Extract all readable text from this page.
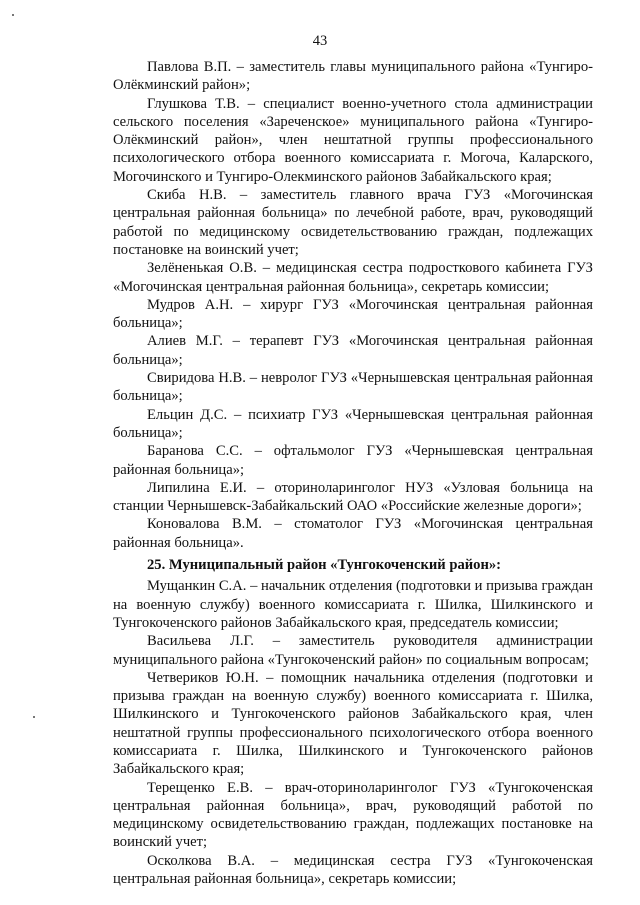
43

Павлова В.П. – заместитель главы муниципального района «Тунгиро-Олёкминский район»;

Глушкова Т.В. – специалист военно-учетного стола администрации сельского поселения «Зареченское» муниципального района «Тунгиро-Олёкминский район», член нештатной группы профессионального психологического отбора военного комиссариата г. Могоча, Каларского, Могочинского и Тунгиро-Олекминского районов Забайкальского края;

Скиба Н.В. – заместитель главного врача ГУЗ «Могочинская центральная районная больница» по лечебной работе, врач, руководящий работой по медицинскому освидетельствованию граждан, подлежащих постановке на воинский учет;

Зелёненькая О.В. – медицинская сестра подросткового кабинета ГУЗ «Могочинская центральная районная больница», секретарь комиссии;

Мудров А.Н. – хирург ГУЗ «Могочинская центральная районная больница»;

Алиев М.Г. – терапевт ГУЗ «Могочинская центральная районная больница»;

Свиридова Н.В. – невролог ГУЗ «Чернышевская центральная районная больница»;

Ельцин Д.С. – психиатр ГУЗ «Чернышевская центральная районная больница»;

Баранова С.С. – офтальмолог ГУЗ «Чернышевская центральная районная больница»;

Липилина Е.И. – оториноларинголог НУЗ «Узловая больница на станции Чернышевск-Забайкальский ОАО «Российские железные дороги»;

Коновалова В.М. – стоматолог ГУЗ «Могочинская центральная районная больница».

25. Муниципальный район «Тунгокоченский район»:

Мущанкин С.А. – начальник отделения (подготовки и призыва граждан на военную службу) военного комиссариата г. Шилка, Шилкинского и Тунгокоченского районов Забайкальского края, председатель комиссии;

Васильева Л.Г. – заместитель руководителя администрации муниципального района «Тунгокоченский район» по социальным вопросам;

Четвериков Ю.Н. – помощник начальника отделения (подготовки и призыва граждан на военную службу) военного комиссариата г. Шилка, Шилкинского и Тунгокоченского районов Забайкальского края, член нештатной группы профессионального психологического отбора военного комиссариата г. Шилка, Шилкинского и Тунгокоченского районов Забайкальского края;

Терещенко Е.В. – врач-оториноларинголог ГУЗ «Тунгокоченская центральная районная больница», врач, руководящий работой по медицинскому освидетельствованию граждан, подлежащих постановке на воинский учет;

Осколкова В.А. – медицинская сестра ГУЗ «Тунгокоченская центральная районная больница», секретарь комиссии;
